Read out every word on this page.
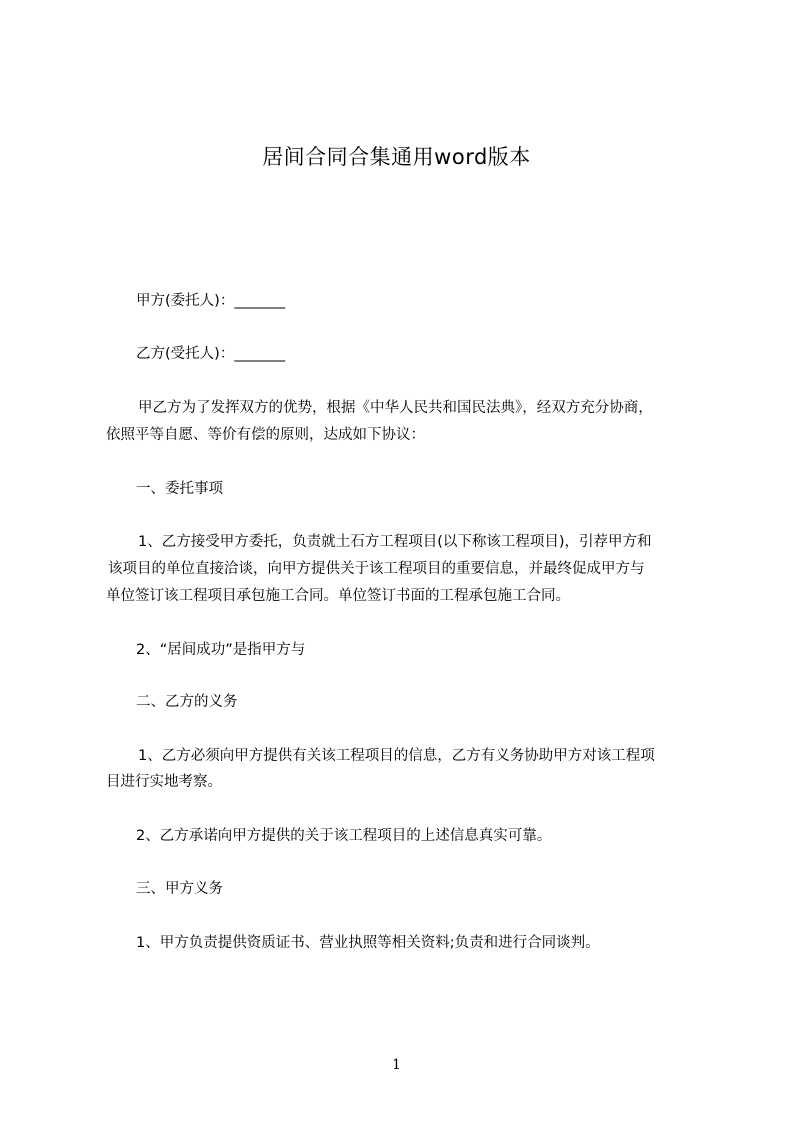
居间合同合集通用word版本
甲方(委托人)：_______
乙方(受托人)：_______
甲乙方为了发挥双方的优势，根据《中华人民共和国民法典》，经双方充分协商，
依照平等自愿、等价有偿的原则，达成如下协议：
一、委托事项
1、乙方接受甲方委托，负责就土石方工程项目(以下称该工程项目)，引荐甲方和
该项目的单位直接洽谈，向甲方提供关于该工程项目的重要信息，并最终促成甲方与
单位签订该工程项目承包施工合同。单位签订书面的工程承包施工合同。
2、“居间成功”是指甲方与
二、乙方的义务
1、乙方必须向甲方提供有关该工程项目的信息，乙方有义务协助甲方对该工程项
目进行实地考察。
2、乙方承诺向甲方提供的关于该工程项目的上述信息真实可靠。
三、甲方义务
1、甲方负责提供资质证书、营业执照等相关资料;负责和进行合同谈判。
1
